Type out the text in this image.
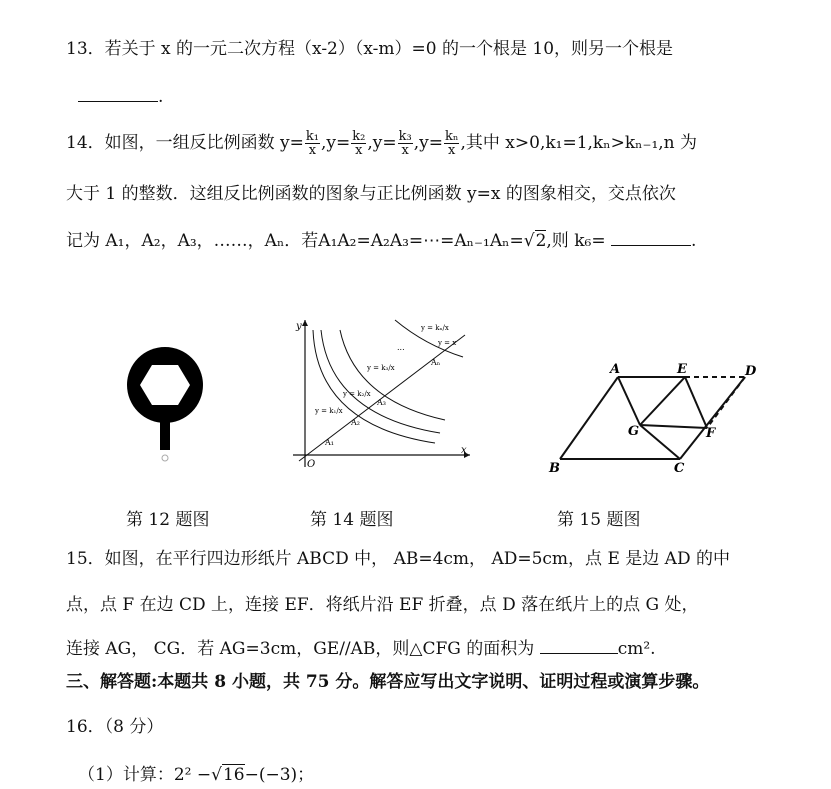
13．若关于 x 的一元二次方程（x-2）（x-m）=0 的一个根是 10，则另一个根是
.
14．如图，一组反比例函数 $y= \frac{\text{k₁}}{x} ,y= \frac{\text{k₂}}{x} ,y= \frac{\text{k₃}}{x} ,y= \frac{\text{kₙ}}{x}$ ,其中 x>0,k₁=1,kₙ>kₙ₋₁,n 为
大于 1 的整数．这组反比例函数的图象与正比例函数 y=x 的图象相交，交点依次
记为 A₁，A₂，A₃，……，Aₙ．若A₁A₂=A₂A₃=⋯=Aₙ₋₁Aₙ=√2,则 k₆=	.
y
x
O
y = k₁/x
y = k₂/x
y = k₃/x
y = kₙ/x
y = x
A₁
A₂
A₃
Aₙ
...
A	E	D
G	F
B	C
第 12 题图	第 14 题图	第 15 题图
15．如图，在平行四边形纸片 ABCD 中， AB=4cm， AD=5cm，点 E 是边 AD 的中
点，点 F 在边 CD 上，连接 EF．将纸片沿 EF 折叠，点 D 落在纸片上的点 G 处，
连接 AG， CG．若 AG=3cm，GE//AB，则△CFG 的面积为	cm².
三、解答题:本题共 8 小题，共 75 分。解答应写出文字说明、证明过程或演算步骤。
16．（8 分）
（1）计算：2² −√16−(−3)；
